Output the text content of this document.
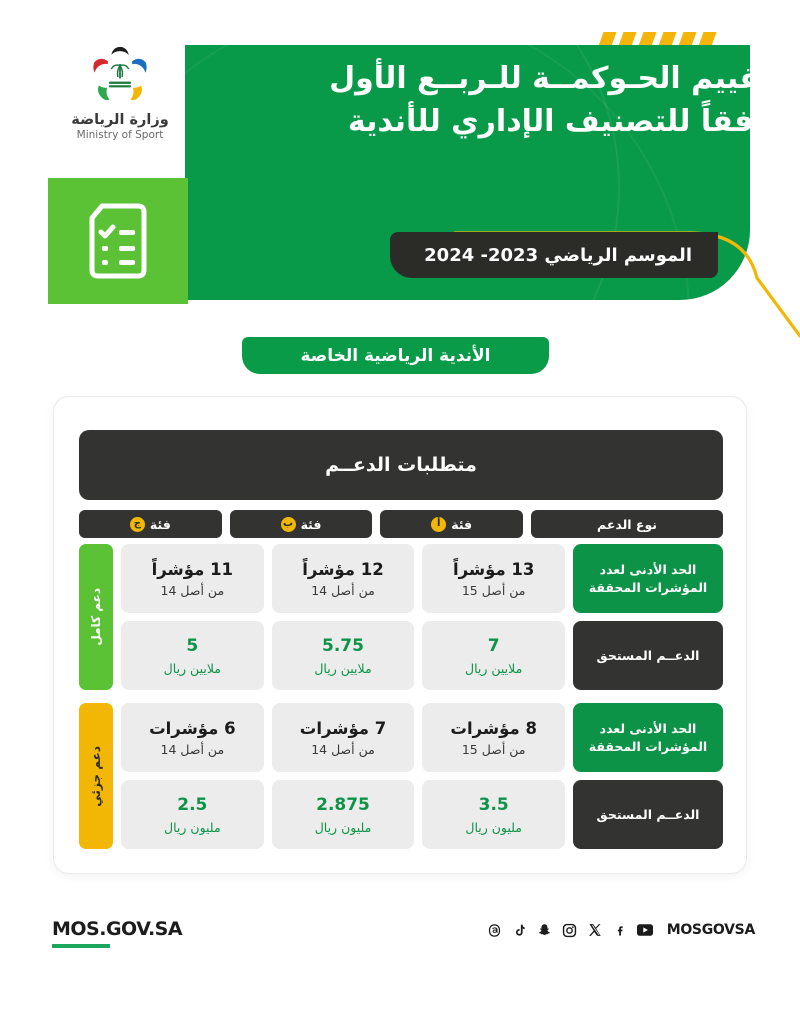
وزارة الرياضة
Ministry of Sport
تقييم الحـوكمــة للـربــع الأول
وفقاً للتصنيف الإداري للأندية
الموسم الرياضي 2023- 2024
الأندية الرياضية الخاصة
متطلبات الدعــم
نوع الدعم
فئة
أ
فئة
ب
فئة
ج
الحد الأدنى لعدد المؤشرات المحققة
الدعــم المستحق
13 مؤشراً
من أصل 15
7
ملايين ريال
12 مؤشراً
من أصل 14
5.75
ملايين ريال
11 مؤشراً
من أصل 14
5
ملايين ريال
دعم كامل
الحد الأدنى لعدد المؤشرات المحققة
الدعــم المستحق
8 مؤشرات
من أصل 15
3.5
مليون ريال
7 مؤشرات
من أصل 14
2.875
مليون ريال
6 مؤشرات
من أصل 14
2.5
مليون ريال
دعم جزئي
MOS.GOV.SA	MOSGOVSA
